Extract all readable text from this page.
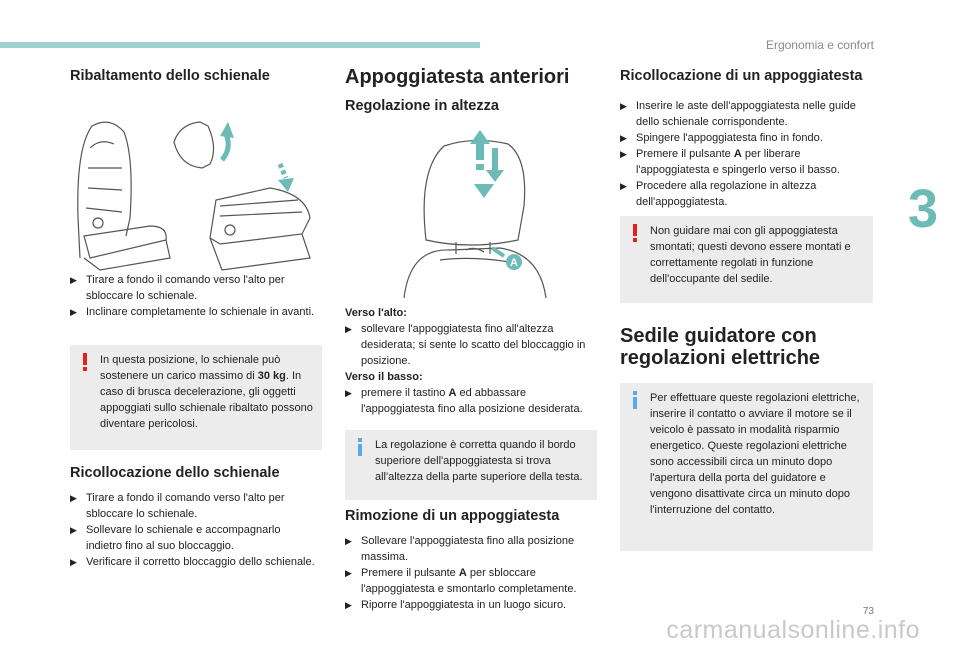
Ergonomia e confort
3
73
carmanualsonline.info
Ribaltamento dello schienale

▶ Tirare a fondo il comando verso l'alto per sbloccare lo schienale.

▶ Inclinare completamente lo schienale in avanti.

In questa posizione, lo schienale può sostenere un carico massimo di 30 kg. In caso di brusca decelerazione, gli oggetti appoggiati sullo schienale ribaltato possono diventare pericolosi.
Ricollocazione dello schienale

▶ Tirare a fondo il comando verso l'alto per sbloccare lo schienale.

▶ Sollevare lo schienale e accompagnarlo indietro fino al suo bloccaggio.

▶ Verificare il corretto bloccaggio dello schienale.

Appoggiatesta anteriori
Regolazione in altezza
A
Verso l'alto:

▶ sollevare l'appoggiatesta fino all'altezza desiderata; si sente lo scatto del bloccaggio in posizione.

Verso il basso:

▶ premere il tastino A ed abbassare l'appoggiatesta fino alla posizione desiderata.

La regolazione è corretta quando il bordo superiore dell'appoggiatesta si trova all'altezza della parte superiore della testa.
Rimozione di un appoggiatesta

▶ Sollevare l'appoggiatesta fino alla posizione massima.

▶ Premere il pulsante A per sbloccare l'appoggiatesta e smontarlo completamente.

▶ Riporre l'appoggiatesta in un luogo sicuro.

Ricollocazione di un appoggiatesta

▶ Inserire le aste dell'appoggiatesta nelle guide dello schienale corrispondente.

▶ Spingere l'appoggiatesta fino in fondo.

▶ Premere il pulsante A per liberare l'appoggiatesta e spingerlo verso il basso.

▶ Procedere alla regolazione in altezza dell'appoggiatesta.

Non guidare mai con gli appoggiatesta smontati; questi devono essere montati e correttamente regolati in funzione dell'occupante del sedile.
Sedile guidatore con regolazioni elettriche
Per effettuare queste regolazioni elettriche, inserire il contatto o avviare il motore se il veicolo è passato in modalità risparmio energetico. Queste regolazioni elettriche sono accessibili circa un minuto dopo l'apertura della porta del guidatore e vengono disattivate circa un minuto dopo l'interruzione del contatto.
